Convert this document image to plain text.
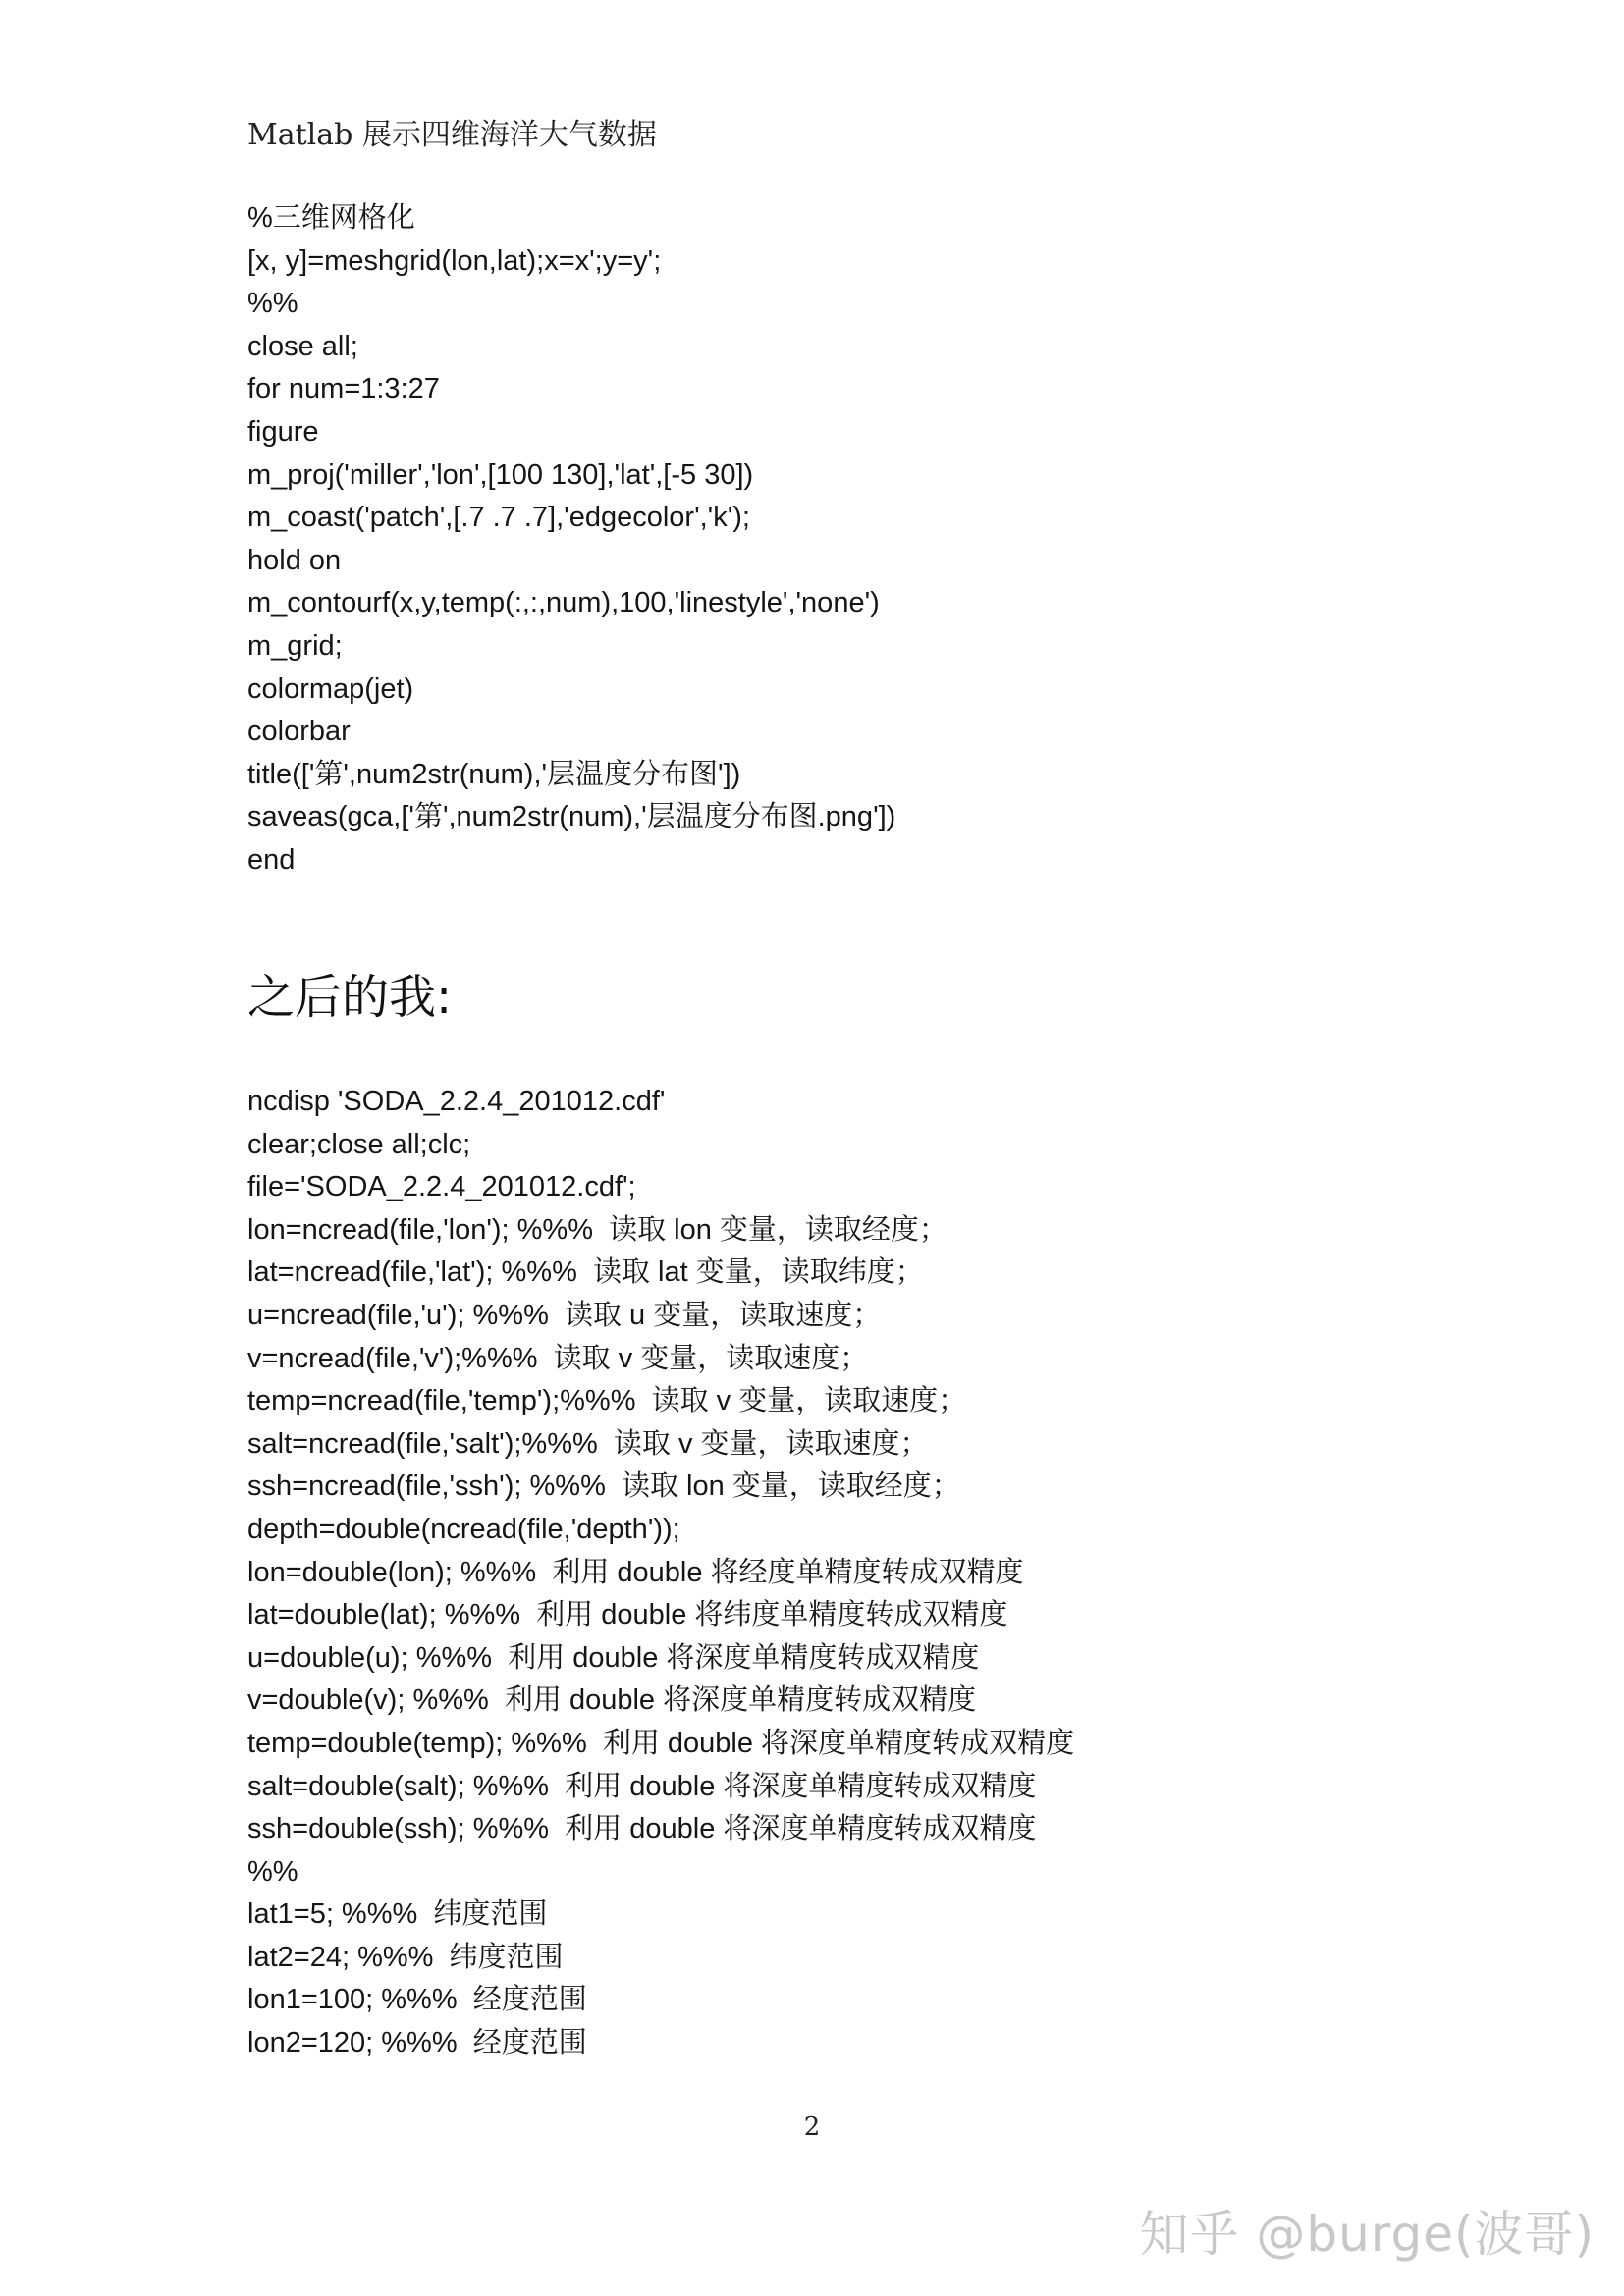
Matlab 展示四维海洋大气数据
%三维网格化
[x, y]=meshgrid(lon,lat);x=x';y=y';
%%
close all;
for num=1:3:27
figure
m_proj('miller','lon',[100 130],'lat',[-5 30])
m_coast('patch',[.7 .7 .7],'edgecolor','k');
hold on
m_contourf(x,y,temp(:,:,num),100,'linestyle','none')
m_grid;
colormap(jet)
colorbar
title(['第',num2str(num),'层温度分布图'])
saveas(gca,['第',num2str(num),'层温度分布图.png'])
end
之后的我:
ncdisp 'SODA_2.2.4_201012.cdf'
clear;close all;clc;
file='SODA_2.2.4_201012.cdf';
lon=ncread(file,'lon'); %%%  读取 lon 变量，读取经度；
lat=ncread(file,'lat'); %%%  读取 lat 变量，读取纬度；
u=ncread(file,'u'); %%%  读取 u 变量，读取速度；
v=ncread(file,'v');%%%  读取 v 变量，读取速度；
temp=ncread(file,'temp');%%%  读取 v 变量，读取速度；
salt=ncread(file,'salt');%%%  读取 v 变量，读取速度；
ssh=ncread(file,'ssh'); %%%  读取 lon 变量，读取经度；
depth=double(ncread(file,'depth'));
lon=double(lon); %%%  利用 double 将经度单精度转成双精度
lat=double(lat); %%%  利用 double 将纬度单精度转成双精度
u=double(u); %%%  利用 double 将深度单精度转成双精度
v=double(v); %%%  利用 double 将深度单精度转成双精度
temp=double(temp); %%%  利用 double 将深度单精度转成双精度
salt=double(salt); %%%  利用 double 将深度单精度转成双精度
ssh=double(ssh); %%%  利用 double 将深度单精度转成双精度
%%
lat1=5; %%%  纬度范围
lat2=24; %%%  纬度范围
lon1=100; %%%  经度范围
lon2=120; %%%  经度范围
2
知乎 @burge(波哥)
